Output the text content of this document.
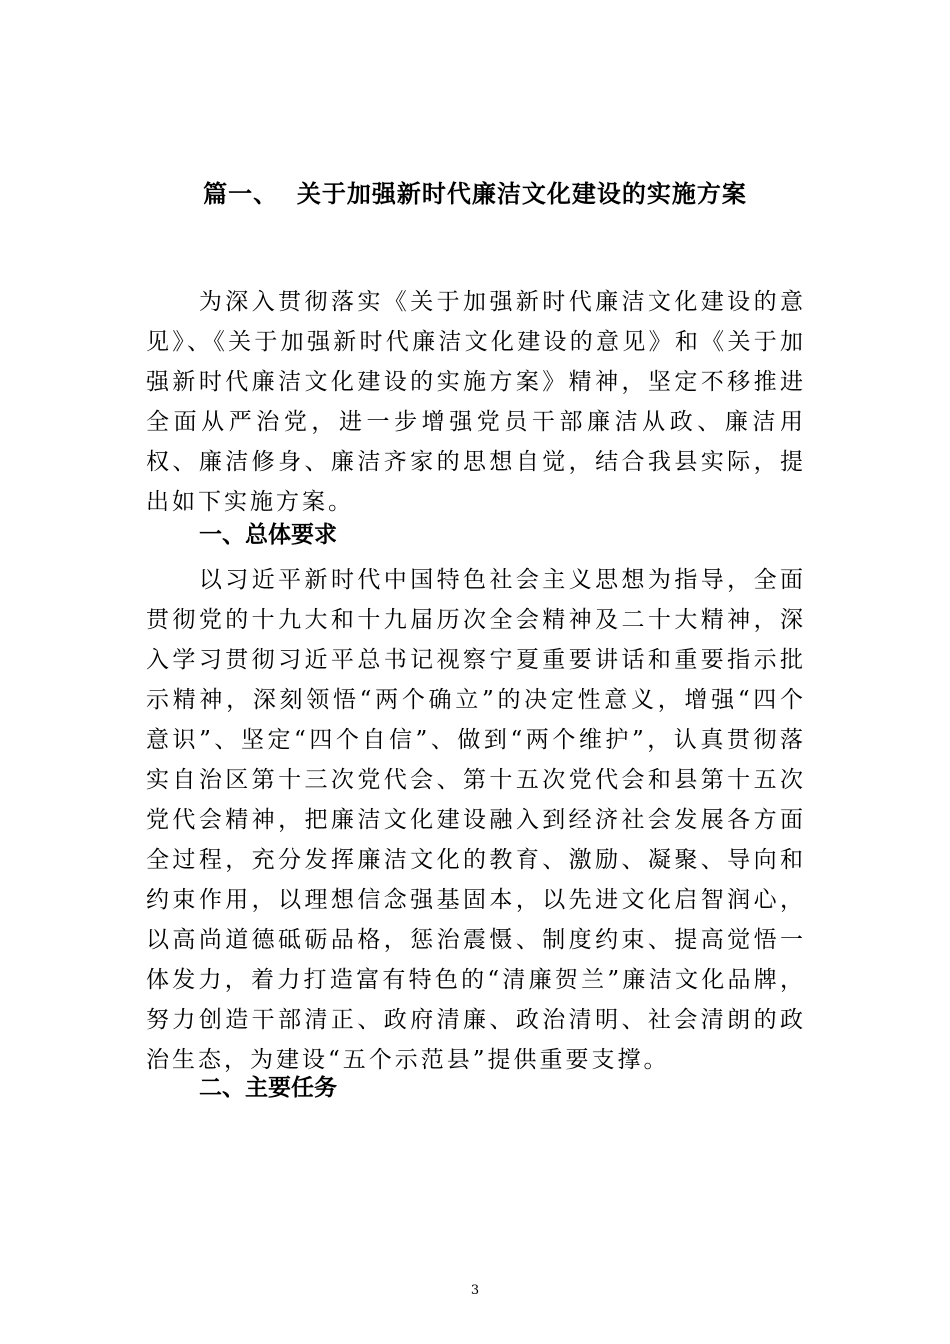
篇一、  关于加强新时代廉洁文化建设的实施方案
为深入贯彻落实《关于加强新时代廉洁文化建设的意见》、《关于加强新时代廉洁文化建设的意见》和《关于加强新时代廉洁文化建设的实施方案》精神，坚定不移推进全面从严治党，进一步增强党员干部廉洁从政、廉洁用权、廉洁修身、廉洁齐家的思想自觉，结合我县实际，提出如下实施方案。
一、总体要求
以习近平新时代中国特色社会主义思想为指导，全面贯彻党的十九大和十九届历次全会精神及二十大精神，深入学习贯彻习近平总书记视察宁夏重要讲话和重要指示批示精神，深刻领悟“两个确立”的决定性意义，增强“四个意识”、坚定“四个自信”、做到“两个维护”，认真贯彻落实自治区第十三次党代会、第十五次党代会和县第十五次党代会精神，把廉洁文化建设融入到经济社会发展各方面全过程，充分发挥廉洁文化的教育、激励、凝聚、导向和约束作用，以理想信念强基固本，以先进文化启智润心，以高尚道德砥砺品格，惩治震慑、制度约束、提高觉悟一体发力，着力打造富有特色的“清廉贺兰”廉洁文化品牌，努力创造干部清正、政府清廉、政治清明、社会清朗的政治生态，为建设“五个示范县”提供重要支撑。
二、主要任务
3
